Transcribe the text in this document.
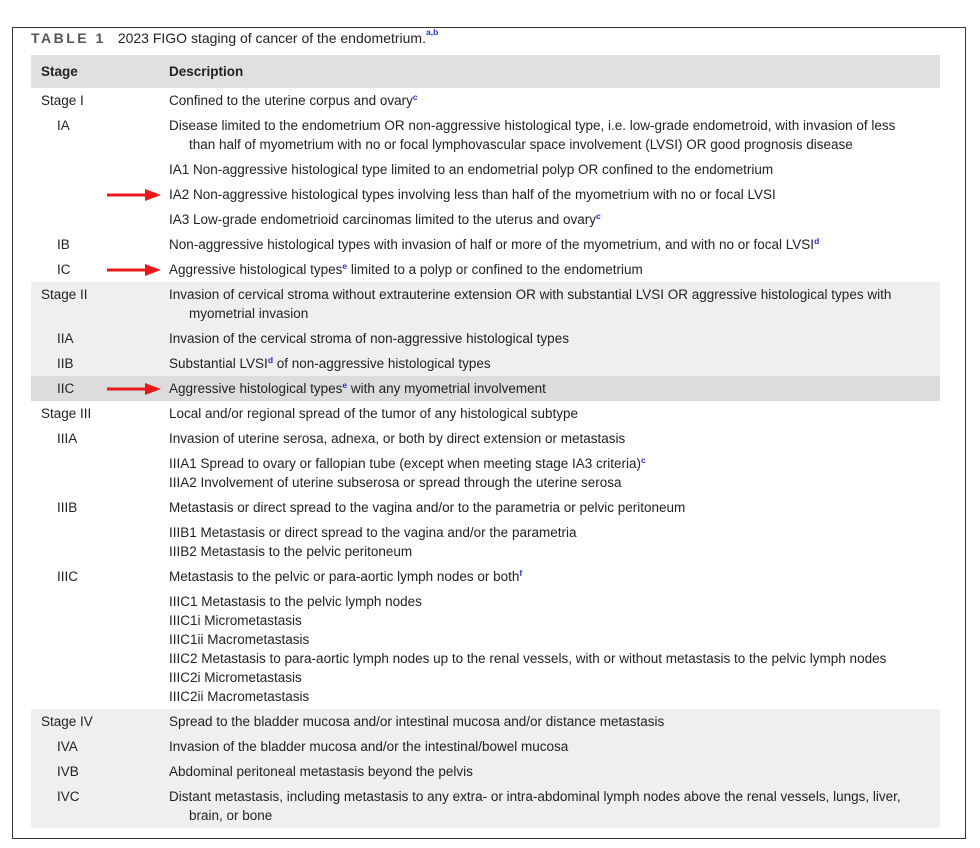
TABLE 1 2023 FIGO staging of cancer of the endometrium.$^{a,b}$
Stage	Description
Stage I	Confined to the uterine corpus and ovary$^c$
IA	Disease limited to the endometrium OR non-aggressive histological type, i.e. low-grade endometroid, with invasion of less than half of myometrium with no or focal lymphovascular space involvement (LVSI) OR good prognosis disease
IA1 Non-aggressive histological type limited to an endometrial polyp OR confined to the endometrium
IA2 Non-aggressive histological types involving less than half of the myometrium with no or focal LVSI
IA3 Low-grade endometrioid carcinomas limited to the uterus and ovary$^c$
IB	Non-aggressive histological types with invasion of half or more of the myometrium, and with no or focal LVSI$^d$
IC	Aggressive histological types$^e$ limited to a polyp or confined to the endometrium
Stage II	Invasion of cervical stroma without extrauterine extension OR with substantial LVSI OR aggressive histological types with myometrial invasion
IIA	Invasion of the cervical stroma of non-aggressive histological types
IIB	Substantial LVSI$^d$ of non-aggressive histological types
IIC	Aggressive histological types$^e$ with any myometrial involvement
Stage III	Local and/or regional spread of the tumor of any histological subtype
IIIA	Invasion of uterine serosa, adnexa, or both by direct extension or metastasis
IIIA1 Spread to ovary or fallopian tube (except when meeting stage IA3 criteria)$^c$
IIIA2 Involvement of uterine subserosa or spread through the uterine serosa
IIIB	Metastasis or direct spread to the vagina and/or to the parametria or pelvic peritoneum
IIIB1 Metastasis or direct spread to the vagina and/or the parametria
IIIB2 Metastasis to the pelvic peritoneum
IIIC	Metastasis to the pelvic or para-aortic lymph nodes or both$^f$
IIIC1 Metastasis to the pelvic lymph nodes
IIIC1i Micrometastasis
IIIC1ii Macrometastasis
IIIC2 Metastasis to para-aortic lymph nodes up to the renal vessels, with or without metastasis to the pelvic lymph nodes
IIIC2i Micrometastasis
IIIC2ii Macrometastasis
Stage IV	Spread to the bladder mucosa and/or intestinal mucosa and/or distance metastasis
IVA	Invasion of the bladder mucosa and/or the intestinal/bowel mucosa
IVB	Abdominal peritoneal metastasis beyond the pelvis
IVC	Distant metastasis, including metastasis to any extra- or intra-abdominal lymph nodes above the renal vessels, lungs, liver, brain, or bone
